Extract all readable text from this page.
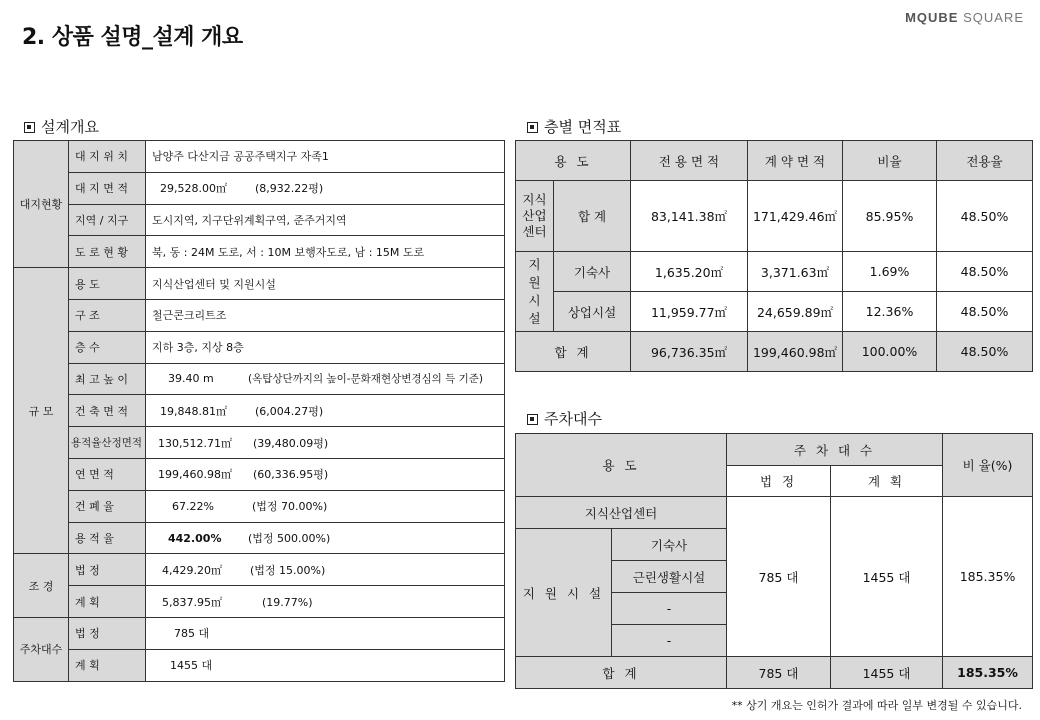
2. 상품 설명_설계 개요
MQUBE SQUARE
설계개요
대지현황	대 지 위 치	남양주 다산지금 공공주택지구 자족1
	대 지 면 적	29,528.00㎡ (8,932.22평)
	지역 / 지구	도시지역, 지구단위계획구역, 준주거지역
	도 로 현 황	북, 동 : 24M 도로, 서 : 10M 보행자도로, 남 : 15M 도로
규 모	용 도	지식산업센터 및 지원시설
	구 조	철근콘크리트조
	층 수	지하 3층, 지상 8층
	최 고 높 이	39.40 m (옥탑상단까지의 높이-문화재현상변경심의 득 기준)
	건 축 면 적	19,848.81㎡ (6,004.27평)
	용적율산정면적	130,512.71㎡ (39,480.09평)
	연 면 적	199,460.98㎡ (60,336.95평)
	건 폐 율	67.22% (법정 70.00%)
	용 적 율	442.00% (법정 500.00%)
조 경	법 정	4,429.20㎡ (법정 15.00%)
	계 획	5,837.95㎡ (19.77%)
주차대수	법 정	785 대
	계 획	1455 대
층별 면적표
용 도		전 용 면 적	계 약 면 적	비율	전용율
지식 산업 센터	합 계	83,141.38㎡	171,429.46㎡	85.95%	48.50%
지원 시설	기숙사	1,635.20㎡	3,371.63㎡	1.69%	48.50%
	상업시설	11,959.77㎡	24,659.89㎡	12.36%	48.50%
합 계		96,736.35㎡	199,460.98㎡	100.00%	48.50%
주차대수
용 도		주 차 대 수		비 율(%)
		법 정	계 획	
지식산업센터		785 대	1455 대	185.35%
지 원 시 설	기숙사			
	근린생활시설			
	-			
	-			
합 계		785 대	1455 대	185.35%
** 상기 개요는 인허가 결과에 따라 일부 변경될 수 있습니다.
